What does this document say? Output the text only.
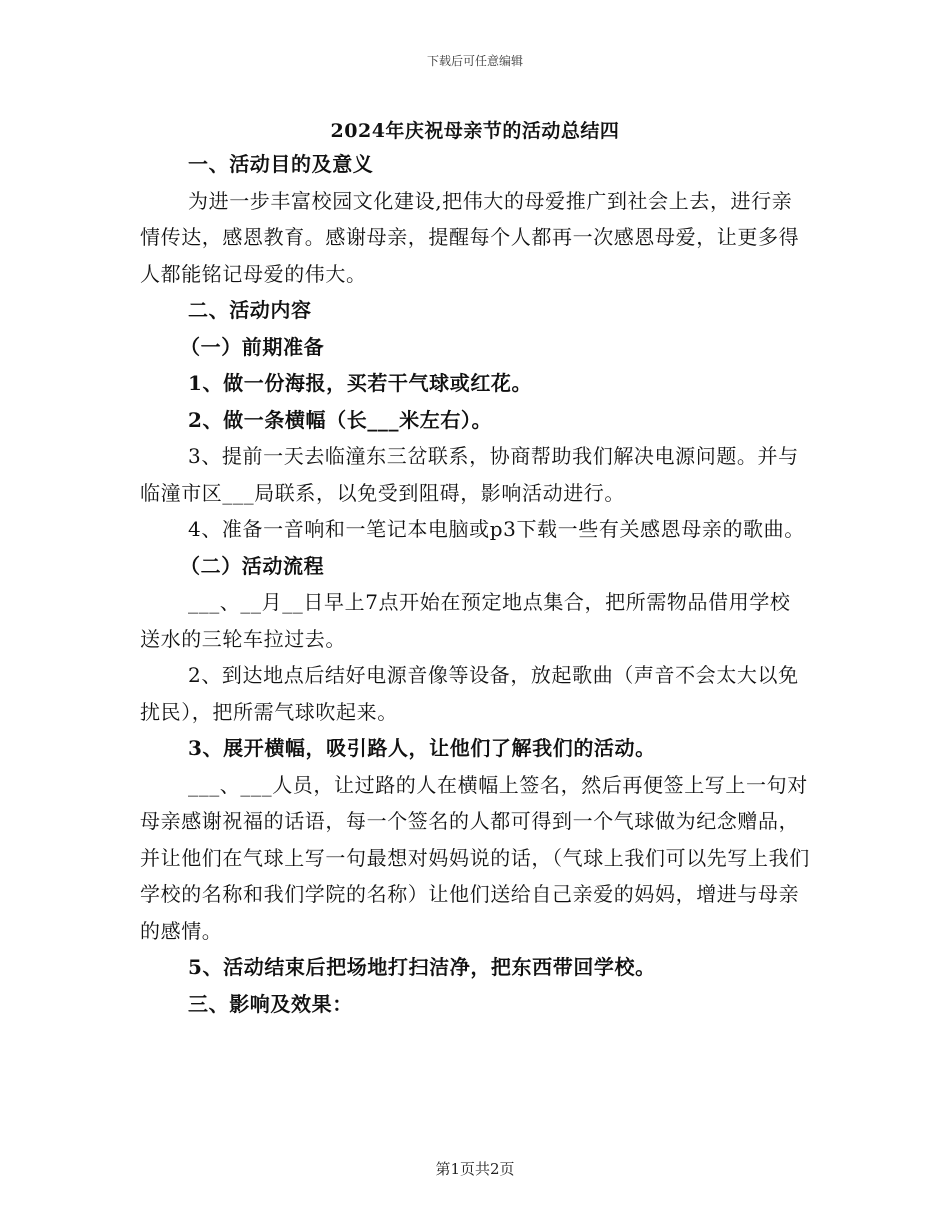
下载后可任意编辑
2024年庆祝母亲节的活动总结四

一、活动目的及意义

为进一步丰富校园文化建设,把伟大的母爱推广到社会上去，进行亲情传达，感恩教育。感谢母亲，提醒每个人都再一次感恩母爱，让更多得人都能铭记母爱的伟大。

二、活动内容

（一）前期准备

1、做一份海报，买若干气球或红花。

2、做一条横幅（长___米左右）。

3、提前一天去临潼东三岔联系，协商帮助我们解决电源问题。并与临潼市区___局联系，以免受到阻碍，影响活动进行。

4、准备一音响和一笔记本电脑或p3下载一些有关感恩母亲的歌曲。

（二）活动流程

___、__月__日早上7点开始在预定地点集合，把所需物品借用学校送水的三轮车拉过去。

2、到达地点后结好电源音像等设备，放起歌曲（声音不会太大以免扰民），把所需气球吹起来。

3、展开横幅，吸引路人，让他们了解我们的活动。

___、___人员，让过路的人在横幅上签名，然后再便签上写上一句对母亲感谢祝福的话语，每一个签名的人都可得到一个气球做为纪念赠品，并让他们在气球上写一句最想对妈妈说的话，（气球上我们可以先写上我们学校的名称和我们学院的名称）让他们送给自己亲爱的妈妈，增进与母亲的感情。

5、活动结束后把场地打扫洁净，把东西带回学校。

三、影响及效果：

第1页共2页
